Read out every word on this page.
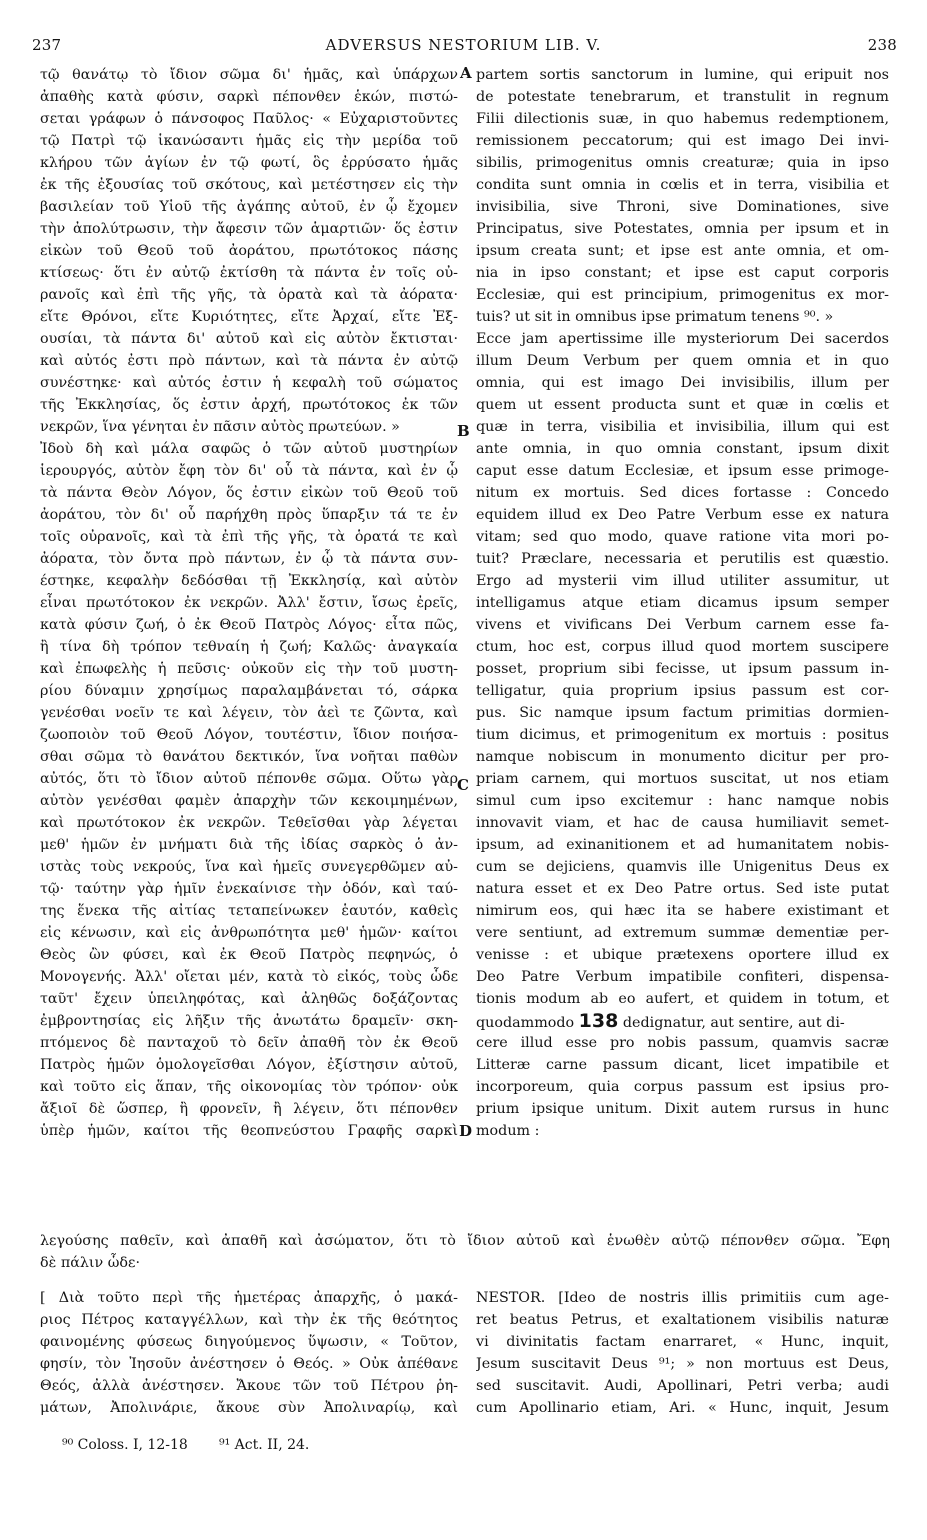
237	ADVERSUS NESTORIUM LIB. V.	238
τῷ θανάτῳ τὸ ἴδιον σῶμα δι' ἡμᾶς, καὶ ὑπάρχων
ἀπαθὴς κατὰ φύσιν, σαρκὶ πέπονθεν ἑκών, πιστώ-
σεται γράφων ὁ πάνσοφος Παῦλος· « Εὐχαριστοῦντες
τῷ Πατρὶ τῷ ἱκανώσαντι ἡμᾶς εἰς τὴν μερίδα τοῦ
κλήρου τῶν ἁγίων ἐν τῷ φωτί, ὃς ἐρρύσατο ἡμᾶς
ἐκ τῆς ἐξουσίας τοῦ σκότους, καὶ μετέστησεν εἰς τὴν
βασιλείαν τοῦ Υἱοῦ τῆς ἀγάπης αὐτοῦ, ἐν ᾧ ἔχομεν
τὴν ἀπολύτρωσιν, τὴν ἄφεσιν τῶν ἁμαρτιῶν· ὅς ἐστιν
εἰκὼν τοῦ Θεοῦ τοῦ ἀοράτου, πρωτότοκος πάσης
κτίσεως· ὅτι ἐν αὐτῷ ἐκτίσθη τὰ πάντα ἐν τοῖς οὐ-
ρανοῖς καὶ ἐπὶ τῆς γῆς, τὰ ὁρατὰ καὶ τὰ ἀόρατα·
εἴτε Θρόνοι, εἴτε Κυριότητες, εἴτε Ἀρχαί, εἴτε Ἐξ-
ουσίαι, τὰ πάντα δι' αὐτοῦ καὶ εἰς αὐτὸν ἔκτισται·
καὶ αὐτός ἐστι πρὸ πάντων, καὶ τὰ πάντα ἐν αὐτῷ
συνέστηκε· καὶ αὐτός ἐστιν ἡ κεφαλὴ τοῦ σώματος
τῆς Ἐκκλησίας, ὅς ἐστιν ἀρχή, πρωτότοκος ἐκ τῶν
νεκρῶν, ἵνα γένηται ἐν πᾶσιν αὐτὸς πρωτεύων. »
Ἰδοὺ δὴ καὶ μάλα σαφῶς ὁ τῶν αὐτοῦ μυστηρίων
ἱερουργός, αὐτὸν ἔφη τὸν δι' οὗ τὰ πάντα, καὶ ἐν ᾧ
τὰ πάντα Θεὸν Λόγον, ὅς ἐστιν εἰκὼν τοῦ Θεοῦ τοῦ
ἀοράτου, τὸν δι' οὗ παρήχθη πρὸς ὕπαρξιν τά τε ἐν
τοῖς οὐρανοῖς, καὶ τὰ ἐπὶ τῆς γῆς, τὰ ὁρατά τε καὶ
ἀόρατα, τὸν ὄντα πρὸ πάντων, ἐν ᾧ τὰ πάντα συν-
έστηκε, κεφαλὴν δεδόσθαι τῇ Ἐκκλησίᾳ, καὶ αὐτὸν
εἶναι πρωτότοκον ἐκ νεκρῶν. Ἀλλ' ἔστιν, ἴσως ἐρεῖς,
κατὰ φύσιν ζωή, ὁ ἐκ Θεοῦ Πατρὸς Λόγος· εἶτα πῶς,
ἢ τίνα δὴ τρόπον τεθναίη ἡ ζωή; Καλῶς· ἀναγκαία
καὶ ἐπωφελὴς ἡ πεῦσις· οὐκοῦν εἰς τὴν τοῦ μυστη-
ρίου δύναμιν χρησίμως παραλαμβάνεται τό, σάρκα
γενέσθαι νοεῖν τε καὶ λέγειν, τὸν ἀεὶ τε ζῶντα, καὶ
ζωοποιὸν τοῦ Θεοῦ Λόγον, τουτέστιν, ἴδιον ποιήσα-
σθαι σῶμα τὸ θανάτου δεκτικόν, ἵνα νοῆται παθὼν
αὐτός, ὅτι τὸ ἴδιον αὐτοῦ πέπονθε σῶμα. Οὕτω γὰρ
αὐτὸν γενέσθαι φαμὲν ἀπαρχὴν τῶν κεκοιμημένων,
καὶ πρωτότοκον ἐκ νεκρῶν. Τεθεῖσθαι γὰρ λέγεται
μεθ' ἡμῶν ἐν μνήματι διὰ τῆς ἰδίας σαρκὸς ὁ ἀν-
ιστὰς τοὺς νεκρούς, ἵνα καὶ ἡμεῖς συνεγερθῶμεν αὐ-
τῷ· ταύτην γὰρ ἡμῖν ἐνεκαίνισε τὴν ὁδόν, καὶ ταύ-
της ἕνεκα τῆς αἰτίας τεταπείνωκεν ἑαυτόν, καθεὶς
εἰς κένωσιν, καὶ εἰς ἀνθρωπότητα μεθ' ἡμῶν· καίτοι
Θεὸς ὢν φύσει, καὶ ἐκ Θεοῦ Πατρὸς πεφηνώς, ὁ
Μονογενής. Ἀλλ' οἴεται μέν, κατὰ τὸ εἰκός, τοὺς ὧδε
ταῦτ' ἔχειν ὑπειληφότας, καὶ ἀληθῶς δοξάζοντας
ἐμβροντησίας εἰς λῆξιν τῆς ἀνωτάτω δραμεῖν· σκη-
πτόμενος δὲ πανταχοῦ τὸ δεῖν ἀπαθῆ τὸν ἐκ Θεοῦ
Πατρὸς ἡμῶν ὁμολογεῖσθαι Λόγον, ἐξίστησιν αὐτοῦ,
καὶ τοῦτο εἰς ἅπαν, τῆς οἰκονομίας τὸν τρόπον· οὐκ
ἄξιοῖ δὲ ὥσπερ, ἢ φρονεῖν, ἢ λέγειν, ὅτι πέπονθεν
ὑπὲρ ἡμῶν, καίτοι τῆς θεοπνεύστου Γραφῆς σαρκὶ
partem sortis sanctorum in lumine, qui eripuit nos
de potestate tenebrarum, et transtulit in regnum
Filii dilectionis suæ, in quo habemus redemptionem,
remissionem peccatorum; qui est imago Dei invi-
sibilis, primogenitus omnis creaturæ; quia in ipso
condita sunt omnia in cœlis et in terra, visibilia et
invisibilia, sive Throni, sive Dominationes, sive
Principatus, sive Potestates, omnia per ipsum et in
ipsum creata sunt; et ipse est ante omnia, et om-
nia in ipso constant; et ipse est caput corporis
Ecclesiæ, qui est principium, primogenitus ex mor-
tuis? ut sit in omnibus ipse primatum tenens ⁹⁰. »
Ecce jam apertissime ille mysteriorum Dei sacerdos
illum Deum Verbum per quem omnia et in quo
omnia, qui est imago Dei invisibilis, illum per
quem ut essent producta sunt et quæ in cœlis et
quæ in terra, visibilia et invisibilia, illum qui est
ante omnia, in quo omnia constant, ipsum dixit
caput esse datum Ecclesiæ, et ipsum esse primoge-
nitum ex mortuis. Sed dices fortasse : Concedo
equidem illud ex Deo Patre Verbum esse ex natura
vitam; sed quo modo, quave ratione vita mori po-
tuit? Præclare, necessaria et perutilis est quæstio.
Ergo ad mysterii vim illud utiliter assumitur, ut
intelligamus atque etiam dicamus ipsum semper
vivens et vivificans Dei Verbum carnem esse fa-
ctum, hoc est, corpus illud quod mortem suscipere
posset, proprium sibi fecisse, ut ipsum passum in-
telligatur, quia proprium ipsius passum est cor-
pus. Sic namque ipsum factum primitias dormien-
tium dicimus, et primogenitum ex mortuis : positus
namque nobiscum in monumento dicitur per pro-
priam carnem, qui mortuos suscitat, ut nos etiam
simul cum ipso excitemur : hanc namque nobis
innovavit viam, et hac de causa humiliavit semet-
ipsum, ad exinanitionem et ad humanitatem nobis-
cum se dejiciens, quamvis ille Unigenitus Deus ex
natura esset et ex Deo Patre ortus. Sed iste putat
nimirum eos, qui hæc ita se habere existimant et
vere sentiunt, ad extremum summæ dementiæ per-
venisse : et ubique prætexens oportere illud ex
Deo Patre Verbum impatibile confiteri, dispensa-
tionis modum ab eo aufert, et quidem in totum, et
quodammodo 138 dedignatur, aut sentire, aut di-
cere illud esse pro nobis passum, quamvis sacræ
Litteræ carne passum dicant, licet impatibile et
incorporeum, quia corpus passum est ipsius pro-
prium ipsique unitum. Dixit autem rursus in hunc
modum :
A
B
C
D
λεγούσης παθεῖν, καὶ ἀπαθῆ καὶ ἀσώματον, ὅτι τὸ ἴδιον αὐτοῦ καὶ ἑνωθὲν αὐτῷ πέπονθεν σῶμα. Ἔφη
δὲ πάλιν ὧδε·
[ Διὰ τοῦτο περὶ τῆς ἡμετέρας ἀπαρχῆς, ὁ μακά-
ριος Πέτρος καταγγέλλων, καὶ τὴν ἐκ τῆς θεότητος
φαινομένης φύσεως διηγούμενος ὕψωσιν, « Τοῦτον,
φησίν, τὸν Ἰησοῦν ἀνέστησεν ὁ Θεός. » Οὐκ ἀπέθανε
Θεός, ἀλλὰ ἀνέστησεν. Ἄκουε τῶν τοῦ Πέτρου ῥη-
μάτων, Ἀπολινάριε, ἄκουε σὺν Ἀπολιναρίῳ, καὶ
NESTOR. [Ideo de nostris illis primitiis cum age-
ret beatus Petrus, et exaltationem visibilis naturæ
vi divinitatis factam enarraret, « Hunc, inquit,
Jesum suscitavit Deus ⁹¹; » non mortuus est Deus,
sed suscitavit. Audi, Apollinari, Petri verba; audi
cum Apollinario etiam, Ari. « Hunc, inquit, Jesum
⁹⁰ Coloss. I, 12-18 ⁹¹ Act. II, 24.
